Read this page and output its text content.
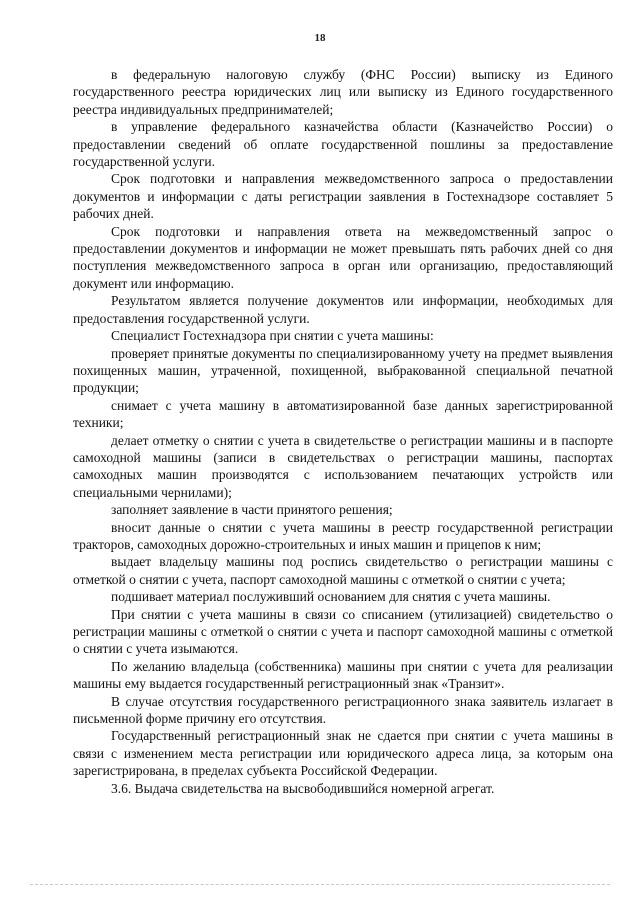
18

в федеральную налоговую службу (ФНС России) выписку из Единого государственного реестра юридических лиц или выписку из Единого государственного реестра индивидуальных предпринимателей;

в управление федерального казначейства области (Казначейство России) о предоставлении сведений об оплате государственной пошлины за предоставление государственной услуги.

Срок подготовки и направления межведомственного запроса о предоставлении документов и информации с даты регистрации заявления в Гостехнадзоре составляет 5 рабочих дней.

Срок подготовки и направления ответа на межведомственный запрос о предоставлении документов и информации не может превышать пять рабочих дней со дня поступления межведомственного запроса в орган или организацию, предоставляющий документ или информацию.

Результатом является получение документов или информации, необходимых для предоставления государственной услуги.

Специалист Гостехнадзора при снятии с учета машины:

проверяет принятые документы по специализированному учету на предмет выявления похищенных машин, утраченной, похищенной, выбракованной специальной печатной продукции;

снимает с учета машину в автоматизированной базе данных зарегистрированной техники;

делает отметку о снятии с учета в свидетельстве о регистрации машины и в паспорте самоходной машины (записи в свидетельствах о регистрации машины, паспортах самоходных машин производятся с использованием печатающих устройств или специальными чернилами);

заполняет заявление в части принятого решения;

вносит данные о снятии с учета машины в реестр государственной регистрации тракторов, самоходных дорожно-строительных и иных машин и прицепов к ним;

выдает владельцу машины под роспись свидетельство о регистрации машины с отметкой о снятии с учета, паспорт самоходной машины с отметкой о снятии с учета;

подшивает материал послуживший основанием для снятия с учета машины.

При снятии с учета машины в связи со списанием (утилизацией) свидетельство о регистрации машины с отметкой о снятии с учета и паспорт самоходной машины с отметкой о снятии с учета изымаются.

По желанию владельца (собственника) машины при снятии с учета для реализации машины ему выдается государственный регистрационный знак «Транзит».

В случае отсутствия государственного регистрационного знака заявитель излагает в письменной форме причину его отсутствия.

Государственный регистрационный знак не сдается при снятии с учета машины в связи с изменением места регистрации или юридического адреса лица, за которым она зарегистрирована, в пределах субъекта Российской Федерации.

3.6. Выдача свидетельства на высвободившийся номерной агрегат.
